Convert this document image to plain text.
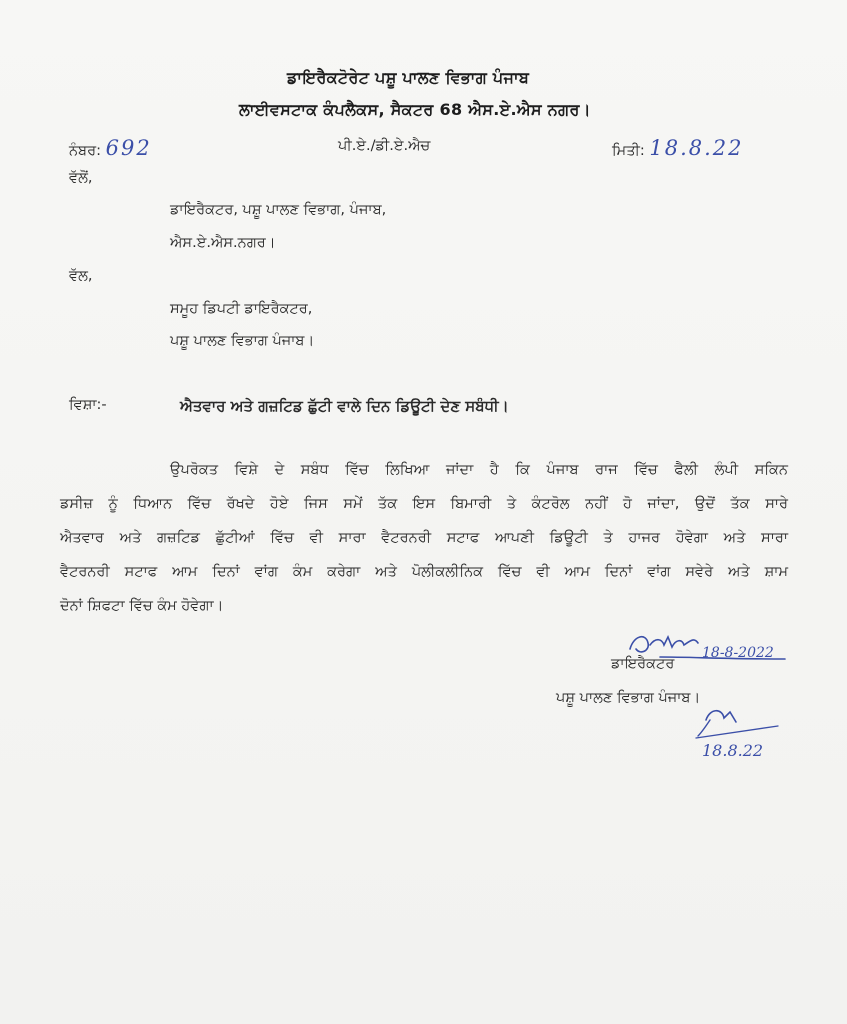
ਡਾਇਰੈਕਟੋਰੇਟ ਪਸ਼ੂ ਪਾਲਣ ਵਿਭਾਗ ਪੰਜਾਬ
ਲਾਈਵਸਟਾਕ ਕੰਪਲੈਕਸ, ਸੈਕਟਰ 68 ਐਸ.ਏ.ਐਸ ਨਗਰ।
ਨੰਬਰ: 692	ਪੀ.ਏ./ਡੀ.ਏ.ਐਚ	ਮਿਤੀ: 18.8.22
ਵੱਲੋਂ,
ਡਾਇਰੈਕਟਰ, ਪਸ਼ੂ ਪਾਲਣ ਵਿਭਾਗ, ਪੰਜਾਬ,
ਐਸ.ਏ.ਐਸ.ਨਗਰ।
ਵੱਲ,
ਸਮੂਹ ਡਿਪਟੀ ਡਾਇਰੈਕਟਰ,
ਪਸ਼ੂ ਪਾਲਣ ਵਿਭਾਗ ਪੰਜਾਬ।
ਵਿਸ਼ਾ:-	ਐਤਵਾਰ ਅਤੇ ਗਜ਼ਟਿਡ ਛੁੱਟੀ ਵਾਲੇ ਦਿਨ ਡਿਊਟੀ ਦੇਣ ਸਬੰਧੀ।
ਉਪਰੋਕਤ ਵਿਸ਼ੇ ਦੇ ਸਬੰਧ ਵਿੱਚ ਲਿਖਿਆ ਜਾਂਦਾ ਹੈ ਕਿ ਪੰਜਾਬ ਰਾਜ ਵਿੱਚ ਫੈਲੀ ਲੰਪੀ ਸਕਿਨ
ਡਸੀਜ਼ ਨੂੰ ਧਿਆਨ ਵਿੱਚ ਰੱਖਦੇ ਹੋਏ ਜਿਸ ਸਮੇਂ ਤੱਕ ਇਸ ਬਿਮਾਰੀ ਤੇ ਕੰਟਰੋਲ ਨਹੀਂ ਹੋ ਜਾਂਦਾ, ਉਦੋਂ ਤੱਕ ਸਾਰੇ
ਐਤਵਾਰ ਅਤੇ ਗਜ਼ਟਿਡ ਛੁੱਟੀਆਂ ਵਿੱਚ ਵੀ ਸਾਰਾ ਵੈਟਰਨਰੀ ਸਟਾਫ ਆਪਣੀ ਡਿਊਟੀ ਤੇ ਹਾਜਰ ਹੋਵੇਗਾ ਅਤੇ ਸਾਰਾ
ਵੈਟਰਨਰੀ ਸਟਾਫ ਆਮ ਦਿਨਾਂ ਵਾਂਗ ਕੰਮ ਕਰੇਗਾ ਅਤੇ ਪੋਲੀਕਲੀਨਿਕ ਵਿੱਚ ਵੀ ਆਮ ਦਿਨਾਂ ਵਾਂਗ ਸਵੇਰੇ ਅਤੇ ਸ਼ਾਮ
ਦੋਨਾਂ ਸ਼ਿਫਟਾ ਵਿੱਚ ਕੰਮ ਹੋਵੇਗਾ।
18-8-2022
ਡਾਇਰੈਕਟਰ
ਪਸ਼ੂ ਪਾਲਣ ਵਿਭਾਗ ਪੰਜਾਬ।
18.8.22
